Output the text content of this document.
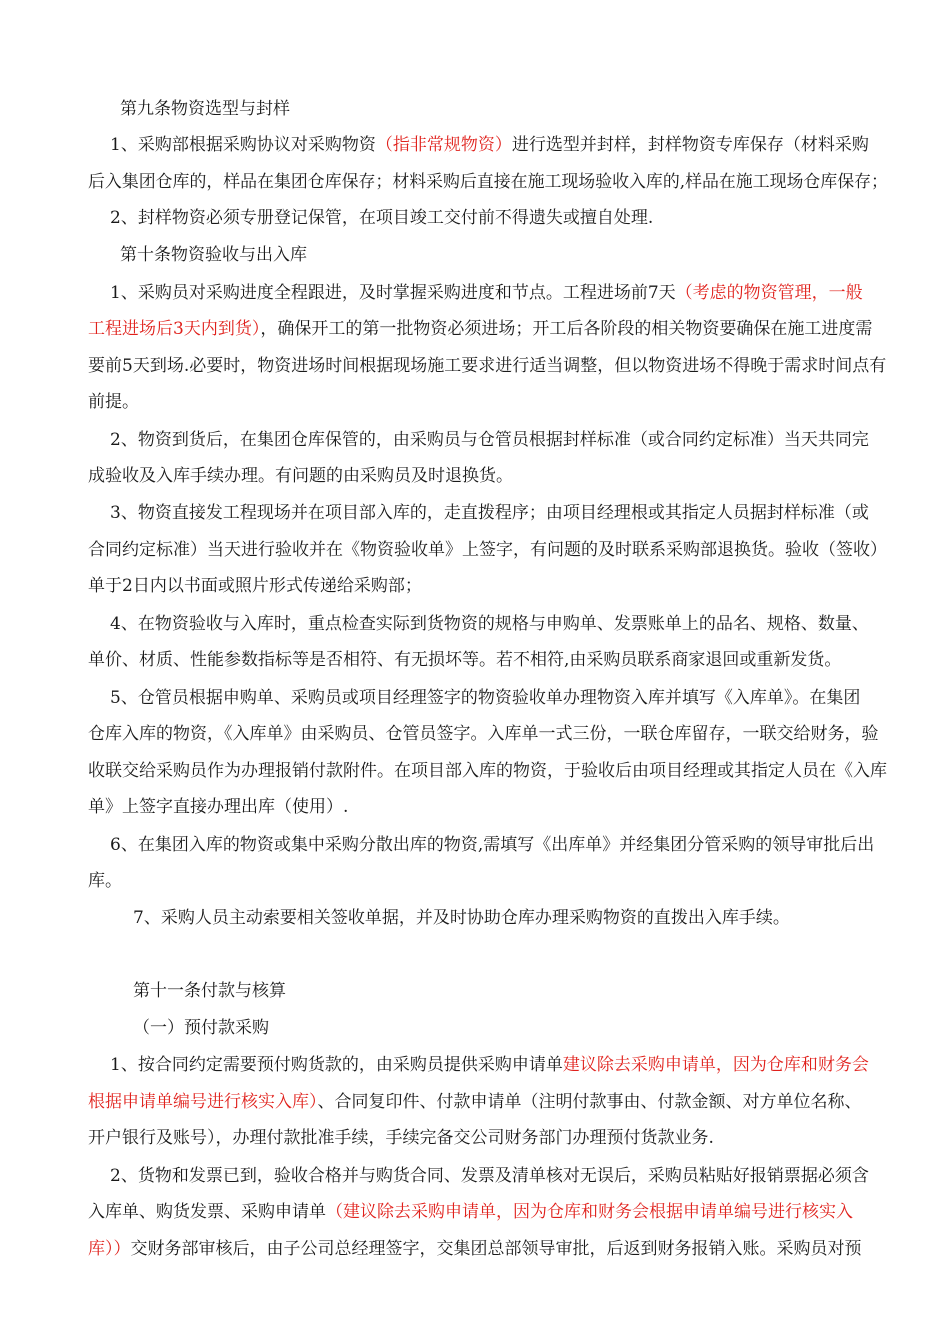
第九条物资选型与封样
1、采购部根据采购协议对采购物资（指非常规物资）进行选型并封样，封样物资专库保存（材料采购
后入集团仓库的，样品在集团仓库保存；材料采购后直接在施工现场验收入库的,样品在施工现场仓库保存；
2、封样物资必须专册登记保管，在项目竣工交付前不得遗失或擅自处理.
第十条物资验收与出入库
1、采购员对采购进度全程跟进，及时掌握采购进度和节点。工程进场前7天（考虑的物资管理，一般
工程进场后3天内到货），确保开工的第一批物资必须进场；开工后各阶段的相关物资要确保在施工进度需
要前5天到场.必要时，物资进场时间根据现场施工要求进行适当调整，但以物资进场不得晚于需求时间点有
前提。
2、物资到货后，在集团仓库保管的，由采购员与仓管员根据封样标准（或合同约定标准）当天共同完
成验收及入库手续办理。有问题的由采购员及时退换货。
3、物资直接发工程现场并在项目部入库的，走直拨程序；由项目经理根或其指定人员据封样标准（或
合同约定标准）当天进行验收并在《物资验收单》上签字，有问题的及时联系采购部退换货。验收（签收）
单于2日内以书面或照片形式传递给采购部；
4、在物资验收与入库时，重点检查实际到货物资的规格与申购单、发票账单上的品名、规格、数量、
单价、材质、性能参数指标等是否相符、有无损坏等。若不相符,由采购员联系商家退回或重新发货。
5、仓管员根据申购单、采购员或项目经理签字的物资验收单办理物资入库并填写《入库单》。在集团
仓库入库的物资，《入库单》由采购员、仓管员签字。入库单一式三份，一联仓库留存，一联交给财务，验
收联交给采购员作为办理报销付款附件。在项目部入库的物资，于验收后由项目经理或其指定人员在《入库
单》上签字直接办理出库（使用）.
6、在集团入库的物资或集中采购分散出库的物资,需填写《出库单》并经集团分管采购的领导审批后出
库。
7、采购人员主动索要相关签收单据，并及时协助仓库办理采购物资的直拨出入库手续。
第十一条付款与核算
（一）预付款采购
1、按合同约定需要预付购货款的，由采购员提供采购申请单建议除去采购申请单，因为仓库和财务会
根据申请单编号进行核实入库）、合同复印件、付款申请单（注明付款事由、付款金额、对方单位名称、
开户银行及账号），办理付款批准手续，手续完备交公司财务部门办理预付货款业务.
2、货物和发票已到，验收合格并与购货合同、发票及清单核对无误后，采购员粘贴好报销票据必须含
入库单、购货发票、采购申请单（建议除去采购申请单，因为仓库和财务会根据申请单编号进行核实入
库））交财务部审核后，由子公司总经理签字，交集团总部领导审批，后返到财务报销入账。采购员对预
